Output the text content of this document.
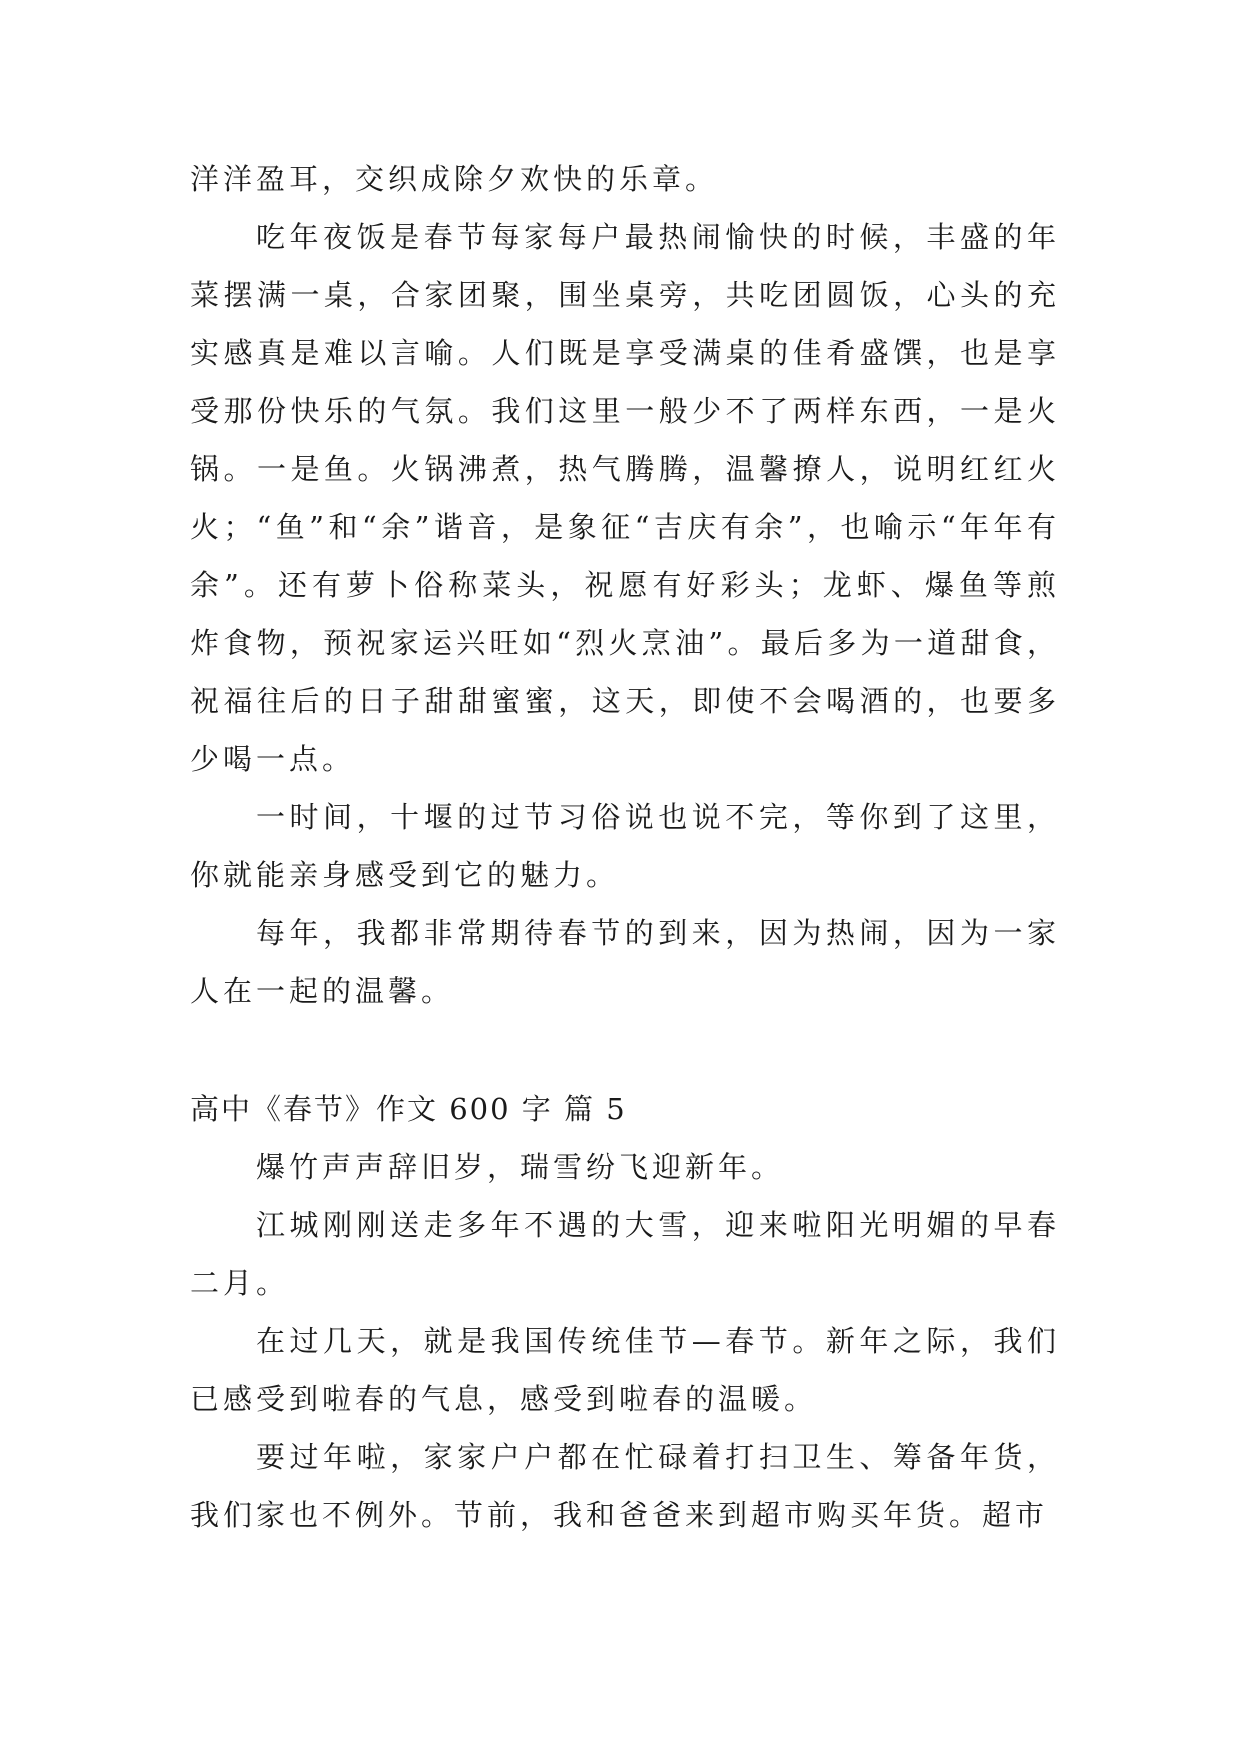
洋洋盈耳，交织成除夕欢快的乐章。

吃年夜饭是春节每家每户最热闹愉快的时候，丰盛的年菜摆满一桌，合家团聚，围坐桌旁，共吃团圆饭，心头的充实感真是难以言喻。人们既是享受满桌的佳肴盛馔，也是享受那份快乐的气氛。我们这里一般少不了两样东西，一是火锅。一是鱼。火锅沸煮，热气腾腾，温馨撩人，说明红红火火；“鱼”和“余”谐音，是象征“吉庆有余”，也喻示“年年有余”。还有萝卜俗称菜头，祝愿有好彩头；龙虾、爆鱼等煎炸食物，预祝家运兴旺如“烈火烹油”。最后多为一道甜食，祝福往后的日子甜甜蜜蜜，这天，即使不会喝酒的，也要多少喝一点。

一时间，十堰的过节习俗说也说不完，等你到了这里，你就能亲身感受到它的魅力。

每年，我都非常期待春节的到来，因为热闹，因为一家人在一起的温馨。

高中《春节》作文 600 字 篇 5

爆竹声声辞旧岁，瑞雪纷飞迎新年。

江城刚刚送走多年不遇的大雪，迎来啦阳光明媚的早春二月。

在过几天，就是我国传统佳节—春节。新年之际，我们已感受到啦春的气息，感受到啦春的温暖。

要过年啦，家家户户都在忙碌着打扫卫生、筹备年货，我们家也不例外。节前，我和爸爸来到超市购买年货。超市
